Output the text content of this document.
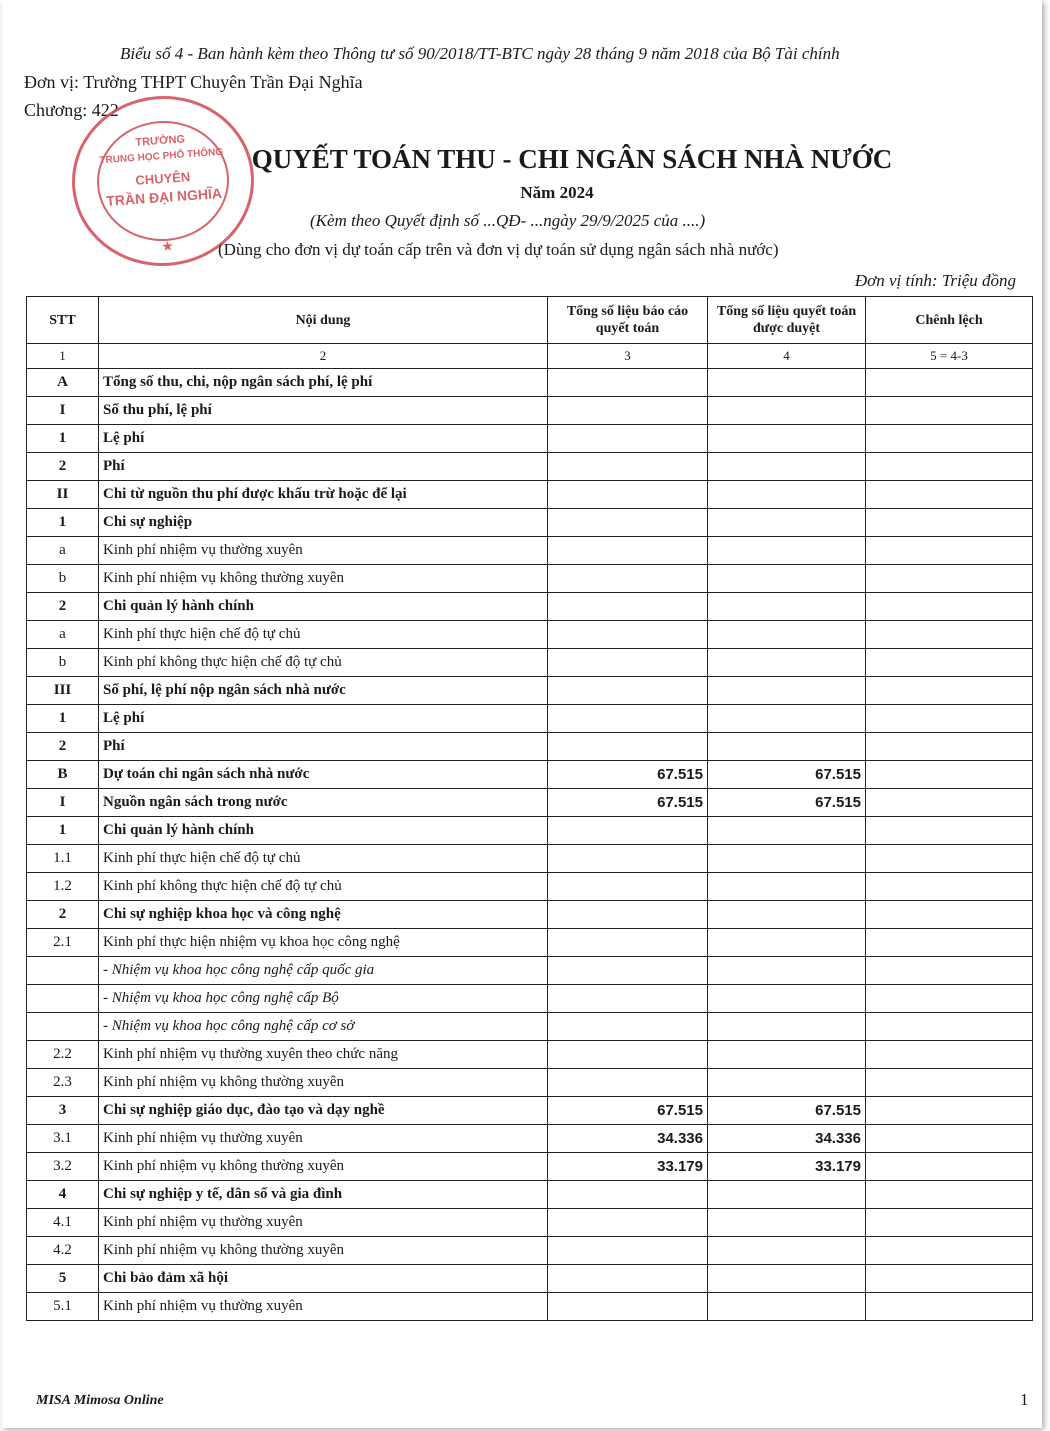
Biểu số 4 - Ban hành kèm theo Thông tư số 90/2018/TT-BTC ngày 28 tháng 9 năm 2018 của Bộ Tài chính
Đơn vị: Trường THPT Chuyên Trần Đại Nghĩa
Chương: 422
TRƯỜNG
TRUNG HỌC PHỔ THÔNG
CHUYÊN
TRẦN ĐẠI NGHĨA
★
QUYẾT TOÁN THU - CHI NGÂN SÁCH NHÀ NƯỚC
Năm 2024
(Kèm theo Quyết định số ...QĐ- ...ngày 29/9/2025 của ....)
(Dùng cho đơn vị dự toán cấp trên và đơn vị dự toán sử dụng ngân sách nhà nước)
Đơn vị tính: Triệu đồng
STT	Nội dung	Tổng số liệu báo cáo quyết toán	Tổng số liệu quyết toán được duyệt	Chênh lệch
1	2	3	4	5 = 4-3
A	Tổng số thu, chi, nộp ngân sách phí, lệ phí			
I	Số thu phí, lệ phí			
1	Lệ phí			
2	Phí			
II	Chi từ nguồn thu phí được khấu trừ hoặc để lại			
1	Chi sự nghiệp			
a	Kinh phí nhiệm vụ thường xuyên			
b	Kinh phí nhiệm vụ không thường xuyên			
2	Chi quản lý hành chính			
a	Kinh phí thực hiện chế độ tự chủ			
b	Kinh phí không thực hiện chế độ tự chủ			
III	Số phí, lệ phí nộp ngân sách nhà nước			
1	Lệ phí			
2	Phí			
B	Dự toán chi ngân sách nhà nước	67.515	67.515	
I	Nguồn ngân sách trong nước	67.515	67.515	
1	Chi quản lý hành chính			
1.1	Kinh phí thực hiện chế độ tự chủ			
1.2	Kinh phí không thực hiện chế độ tự chủ			
2	Chi sự nghiệp khoa học và công nghệ			
2.1	Kinh phí thực hiện nhiệm vụ khoa học công nghệ			
	- Nhiệm vụ khoa học công nghệ cấp quốc gia			
	- Nhiệm vụ khoa học công nghệ cấp Bộ			
	- Nhiệm vụ khoa học công nghệ cấp cơ sở			
2.2	Kinh phí nhiệm vụ thường xuyên theo chức năng			
2.3	Kinh phí nhiệm vụ không thường xuyên			
3	Chi sự nghiệp giáo dục, đào tạo và dạy nghề	67.515	67.515	
3.1	Kinh phí nhiệm vụ thường xuyên	34.336	34.336	
3.2	Kinh phí nhiệm vụ không thường xuyên	33.179	33.179	
4	Chi sự nghiệp y tế, dân số và gia đình			
4.1	Kinh phí nhiệm vụ thường xuyên			
4.2	Kinh phí nhiệm vụ không thường xuyên			
5	Chi bảo đảm xã hội			
5.1	Kinh phí nhiệm vụ thường xuyên			
MISA Mimosa Online	1
